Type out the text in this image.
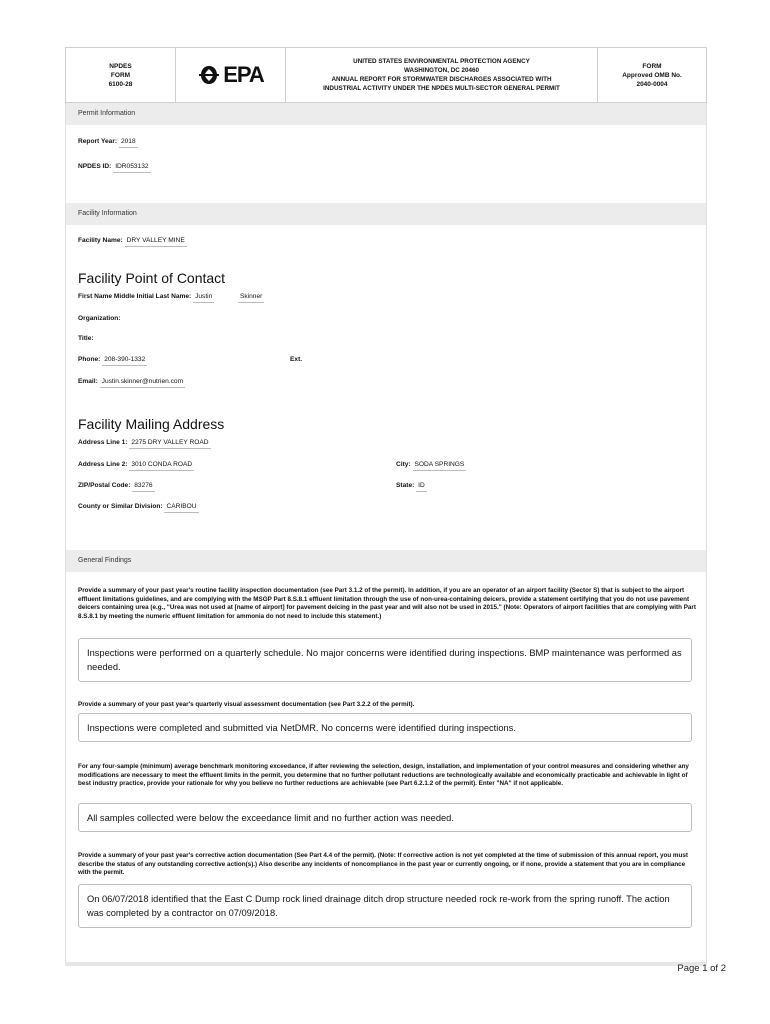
NPDES
FORM
6100-28	EPA
UNITED STATES ENVIRONMENTAL PROTECTION AGENCY
WASHINGTON, DC 20460
ANNUAL REPORT FOR STORMWATER DISCHARGES ASSOCIATED WITH
INDUSTRIAL ACTIVITY UNDER THE NPDES MULTI-SECTOR GENERAL PERMIT
FORM
Approved OMB No.
2040-0004
Permit Information
Report Year: 2018
NPDES ID: IDR053132
Facility Information
Facility Name: DRY VALLEY MINE
Facility Point of Contact
First Name Middle Initial Last Name: Justin	Skinner
Organization:
Title:
Phone: 208-390-1332	Ext.
Email: Justin.skinner@nutrien.com
Facility Mailing Address
Address Line 1: 2275 DRY VALLEY ROAD
Address Line 2: 3010 CONDA ROAD	City: SODA SPRINGS
ZIP/Postal Code: 83276	State: ID
County or Similar Division: CARIBOU
General Findings
Provide a summary of your past year's routine facility inspection documentation (see Part 3.1.2 of the permit). In addition, if you are an operator of an airport facility (Sector S) that is subject to the airport effluent limitations guidelines, and are complying with the MSGP Part 8.S.8.1 effluent limitation through the use of non-urea-containing deicers, provide a statement certifying that you do not use pavement deicers containing urea (e.g., "Urea was not used at [name of airport] for pavement deicing in the past year and will also not be used in 2015." (Note: Operators of airport facilities that are complying with Part 8.S.8.1 by meeting the numeric effluent limitation for ammonia do not need to include this statement.)
Inspections were performed on a quarterly schedule. No major concerns were identified during inspections. BMP maintenance was performed as needed.
Provide a summary of your past year's quarterly visual assessment documentation (see Part 3.2.2 of the permit).
Inspections were completed and submitted via NetDMR. No concerns were identified during inspections.
For any four-sample (minimum) average benchmark monitoring exceedance, if after reviewing the selection, design, installation, and implementation of your control measures and considering whether any modifications are necessary to meet the effluent limits in the permit, you determine that no further pollutant reductions are technologically available and economically practicable and achievable in light of best industry practice, provide your rationale for why you believe no further reductions are achievable (see Part 6.2.1.2 of the permit). Enter "NA" if not applicable.
All samples collected were below the exceedance limit and no further action was needed.
Provide a summary of your past year's corrective action documentation (See Part 4.4 of the permit). (Note: If corrective action is not yet completed at the time of submission of this annual report, you must describe the status of any outstanding corrective action(s).) Also describe any incidents of noncompliance in the past year or currently ongoing, or if none, provide a statement that you are in compliance with the permit.
On 06/07/2018 identified that the East C Dump rock lined drainage ditch drop structure needed rock re-work from the spring runoff. The action was completed by a contractor on 07/09/2018.
Page 1 of 2
